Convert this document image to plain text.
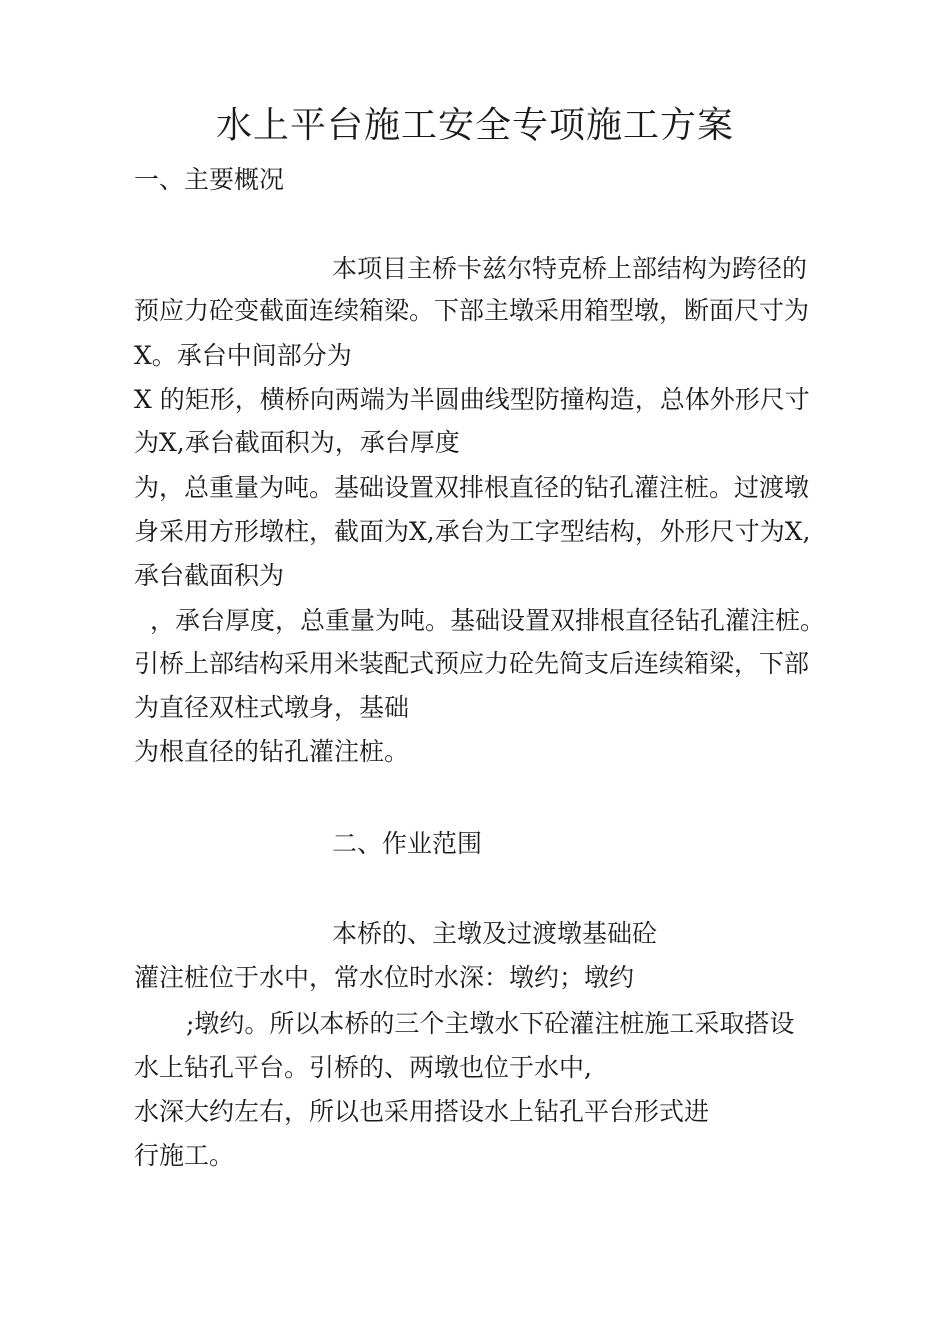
水上平台施工安全专项施工方案
一、主要概况
本项目主桥卡兹尔特克桥上部结构为跨径的
预应力砼变截面连续箱梁。下部主墩采用箱型墩，断面尺寸为
X。承台中间部分为
X 的矩形，横桥向两端为半圆曲线型防撞构造，总体外形尺寸
为X,承台截面积为，承台厚度
为，总重量为吨。基础设置双排根直径的钻孔灌注桩。过渡墩
身采用方形墩柱，截面为X,承台为工字型结构，外形尺寸为X,
承台截面积为
，承台厚度，总重量为吨。基础设置双排根直径钻孔灌注桩。
引桥上部结构采用米装配式预应力砼先简支后连续箱梁，下部
为直径双柱式墩身，基础
为根直径的钻孔灌注桩。
二、作业范围
本桥的、主墩及过渡墩基础砼
灌注桩位于水中，常水位时水深：墩约；墩约
;墩约。所以本桥的三个主墩水下砼灌注桩施工采取搭设
水上钻孔平台。引桥的、两墩也位于水中,
水深大约左右，所以也采用搭设水上钻孔平台形式进
行施工。
